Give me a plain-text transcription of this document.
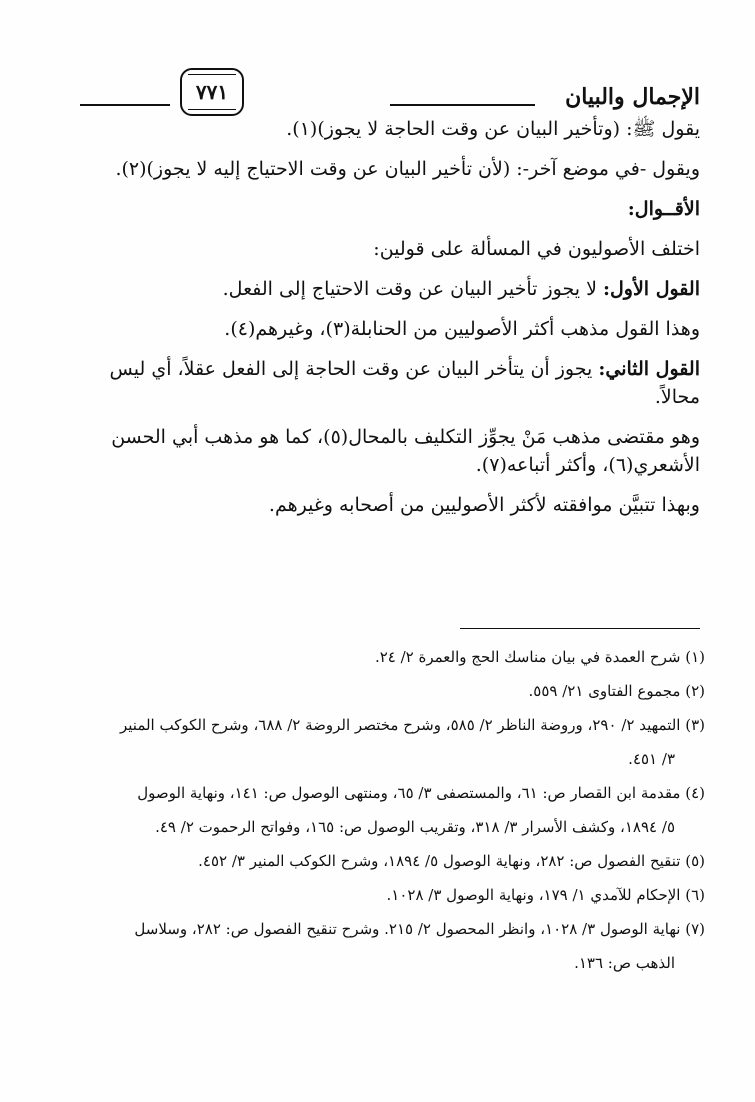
الإجمال والبيان
٧٧١

يقول ﷺ: (وتأخير البيان عن وقت الحاجة لا يجوز)(١).

ويقول -في موضع آخر-: (لأن تأخير البيان عن وقت الاحتياج إليه لا يجوز)(٢).

الأقــوال:

اختلف الأصوليون في المسألة على قولين:

القول الأول: لا يجوز تأخير البيان عن وقت الاحتياج إلى الفعل.

وهذا القول مذهب أكثر الأصوليين من الحنابلة(٣)، وغيرهم(٤).

القول الثاني: يجوز أن يتأخر البيان عن وقت الحاجة إلى الفعل عقلاً، أي ليس محالاً.

وهو مقتضى مذهب مَنْ يجوِّز التكليف بالمحال(٥)، كما هو مذهب أبي الحسن الأشعري(٦)، وأكثر أتباعه(٧).

وبهذا تتبيَّن موافقته لأكثر الأصوليين من أصحابه وغيرهم.

(١) شرح العمدة في بيان مناسك الحج والعمرة ٢/ ٢٤.

(٢) مجموع الفتاوى ٢١/ ٥٥٩.

(٣) التمهيد ٢/ ٢٩٠، وروضة الناظر ٢/ ٥٨٥، وشرح مختصر الروضة ٢/ ٦٨٨، وشرح الكوكب المنير

٣/ ٤٥١.

(٤) مقدمة ابن القصار ص: ٦١، والمستصفى ٣/ ٦٥، ومنتهى الوصول ص: ١٤١، ونهاية الوصول

٥/ ١٨٩٤، وكشف الأسرار ٣/ ٣١٨، وتقريب الوصول ص: ١٦٥، وفواتح الرحموت ٢/ ٤٩.

(٥) تنقيح الفصول ص: ٢٨٢، ونهاية الوصول ٥/ ١٨٩٤، وشرح الكوكب المنير ٣/ ٤٥٢.

(٦) الإحكام للآمدي ١/ ١٧٩، ونهاية الوصول ٣/ ١٠٢٨.

(٧) نهاية الوصول ٣/ ١٠٢٨، وانظر المحصول ٢/ ٢١٥. وشرح تنقيح الفصول ص: ٢٨٢، وسلاسل

الذهب ص: ١٣٦.
